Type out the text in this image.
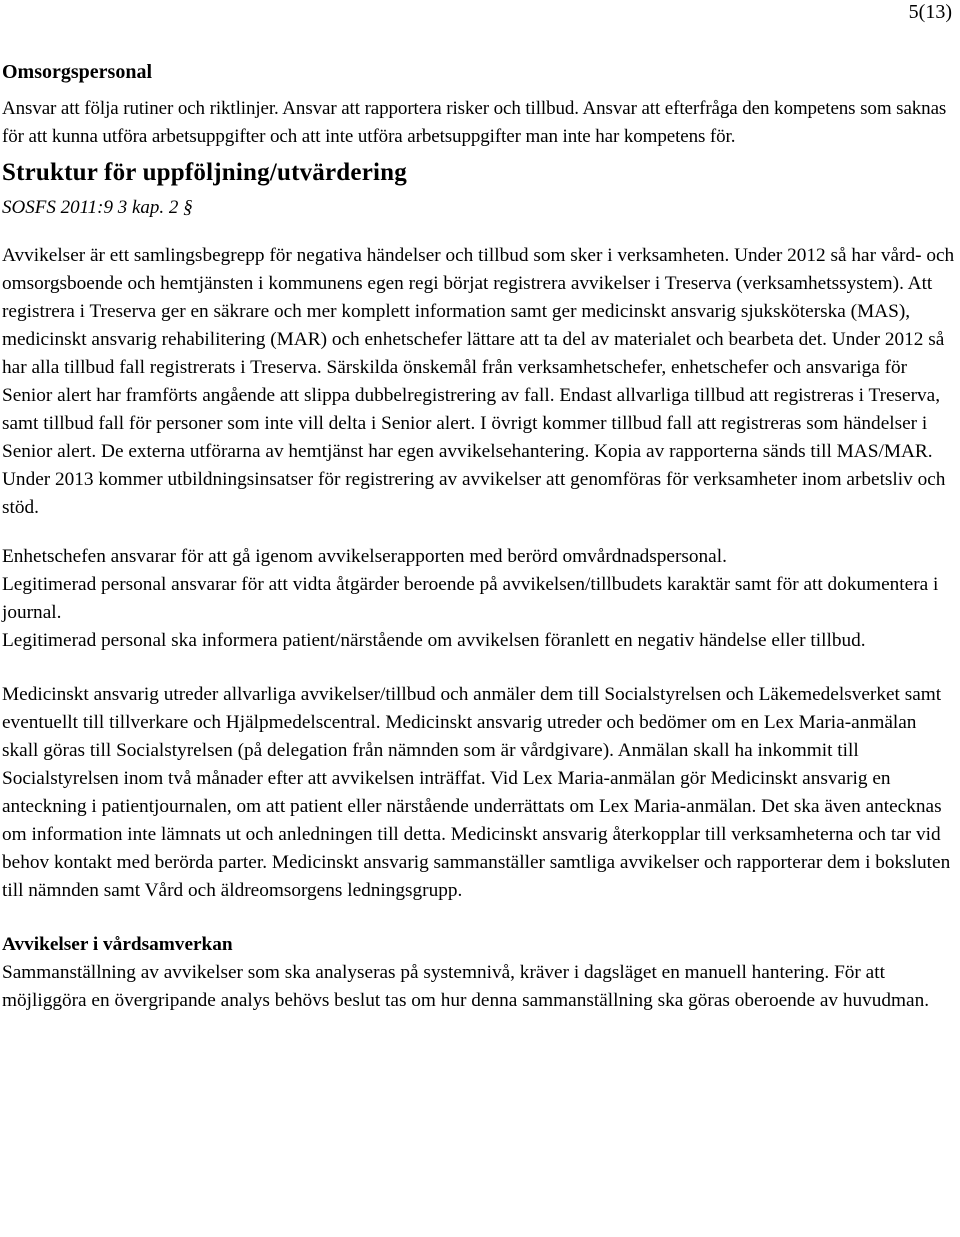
5(13)
Omsorgspersonal

Ansvar att följa rutiner och riktlinjer. Ansvar att rapportera risker och tillbud. Ansvar att efterfråga den kompetens som saknas för att kunna utföra arbetsuppgifter och att inte utföra arbetsuppgifter man inte har kompetens för.

Struktur för uppföljning/utvärdering

SOSFS 2011:9 3 kap. 2 §

Avvikelser är ett samlingsbegrepp för negativa händelser och tillbud som sker i verksamheten. Under 2012 så har vård- och omsorgsboende och hemtjänsten i kommunens egen regi börjat registrera avvikelser i Treserva (verksamhetssystem). Att registrera i Treserva ger en säkrare och mer komplett information samt ger medicinskt ansvarig sjuksköterska (MAS), medicinskt ansvarig rehabilitering (MAR) och enhetschefer lättare att ta del av materialet och bearbeta det. Under 2012 så har alla tillbud fall registrerats i Treserva. Särskilda önskemål från verksamhetschefer, enhetschefer och ansvariga för Senior alert har framförts angående att slippa dubbelregistrering av fall. Endast allvarliga tillbud att registreras i Treserva, samt tillbud fall för personer som inte vill delta i Senior alert. I övrigt kommer tillbud fall att registreras som händelser i Senior alert. De externa utförarna av hemtjänst har egen avvikelsehantering. Kopia av rapporterna sänds till MAS/MAR. Under 2013 kommer utbildningsinsatser för registrering av avvikelser att genomföras för verksamheter inom arbetsliv och stöd.

Enhetschefen ansvarar för att gå igenom avvikelserapporten med berörd omvårdnadspersonal.
Legitimerad personal ansvarar för att vidta åtgärder beroende på avvikelsen/tillbudets karaktär samt för att dokumentera i journal.
Legitimerad personal ska informera patient/närstående om avvikelsen föranlett en negativ händelse eller tillbud.

Medicinskt ansvarig utreder allvarliga avvikelser/tillbud och anmäler dem till Socialstyrelsen och Läkemedelsverket samt eventuellt till tillverkare och Hjälpmedelscentral. Medicinskt ansvarig utreder och bedömer om en Lex Maria-anmälan skall göras till Socialstyrelsen (på delegation från nämnden som är vårdgivare). Anmälan skall ha inkommit till Socialstyrelsen inom två månader efter att avvikelsen inträffat. Vid Lex Maria-anmälan gör Medicinskt ansvarig en anteckning i patientjournalen, om att patient eller närstående underrättats om Lex Maria-anmälan. Det ska även antecknas om information inte lämnats ut och anledningen till detta. Medicinskt ansvarig återkopplar till verksamheterna och tar vid behov kontakt med berörda parter. Medicinskt ansvarig sammanställer samtliga avvikelser och rapporterar dem i boksluten till nämnden samt Vård och äldreomsorgens ledningsgrupp.

Avvikelser i vårdsamverkan

Sammanställning av avvikelser som ska analyseras på systemnivå, kräver i dagsläget en manuell hantering. För att möjliggöra en övergripande analys behövs beslut tas om hur denna sammanställning ska göras oberoende av huvudman.
